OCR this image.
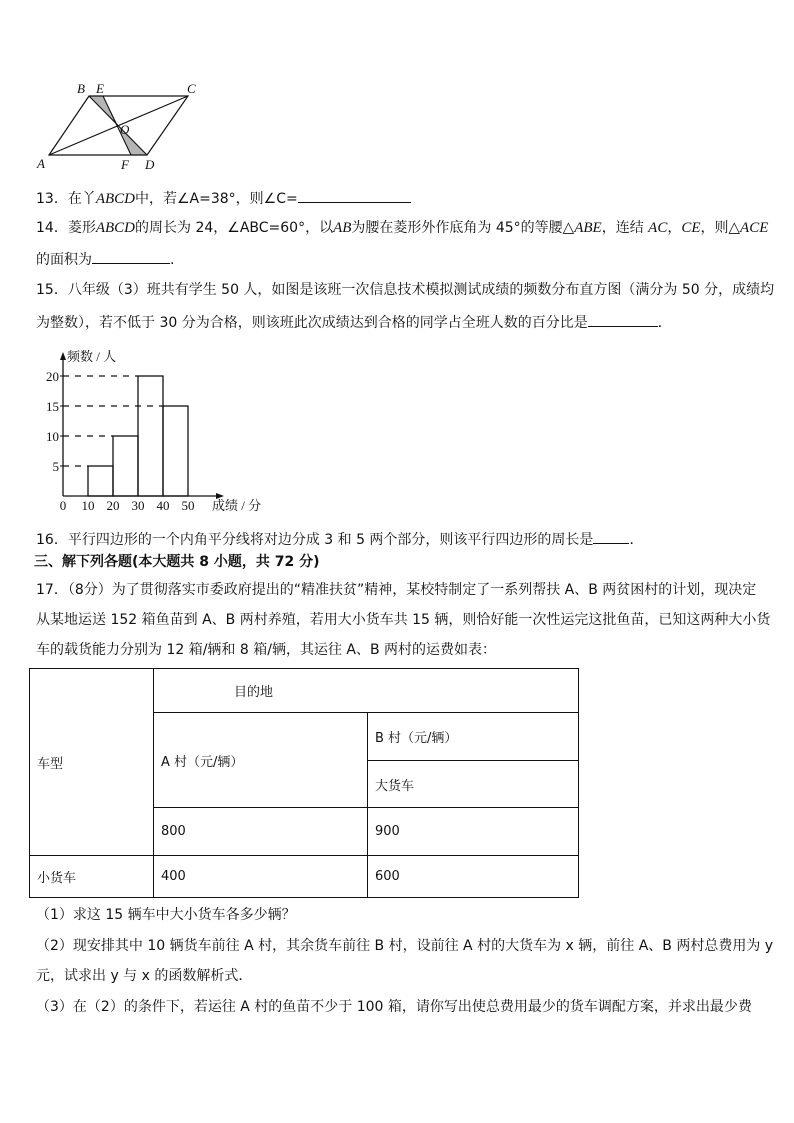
B E	C
O
A	F D
13．在丫ABCD中，若∠A=38°，则∠C=
14．菱形ABCD的周长为 24，∠ABC=60°，以AB为腰在菱形外作底角为 45°的等腰△ABE，连结 AC，CE，则△ACE
的面积为	.
15．八年级（3）班共有学生 50 人，如图是该班一次信息技术模拟测试成绩的频数分布直方图（满分为 50 分，成绩均
为整数），若不低于 30 分为合格，则该班此次成绩达到合格的同学占全班人数的百分比是	．
频数 / 人
成绩 / 分
0 10 20 30 40 50
5
10
15
20
16．平行四边形的一个内角平分线将对边分成 3 和 5 两个部分，则该平行四边形的周长是	．
三、解下列各题(本大题共 8 小题，共 72 分)
17．（8分）为了贯彻落实市委政府提出的“精准扶贫”精神，某校特制定了一系列帮扶 A、B 两贫困村的计划，现决定
从某地运送 152 箱鱼苗到 A、B 两村养殖，若用大小货车共 15 辆，则恰好能一次性运完这批鱼苗，已知这两种大小货
车的载货能力分别为 12 箱/辆和 8 箱/辆，其运往 A、B 两村的运费如表：
车型	目的地	
	A 村（元/辆）	B 村（元/辆）
		大货车
	800	900
小货车	400	600
（1）求这 15 辆车中大小货车各多少辆？
（2）现安排其中 10 辆货车前往 A 村，其余货车前往 B 村，设前往 A 村的大货车为 x 辆，前往 A、B 两村总费用为 y
元，试求出 y 与 x 的函数解析式．
（3）在（2）的条件下，若运往 A 村的鱼苗不少于 100 箱，请你写出使总费用最少的货车调配方案，并求出最少费
